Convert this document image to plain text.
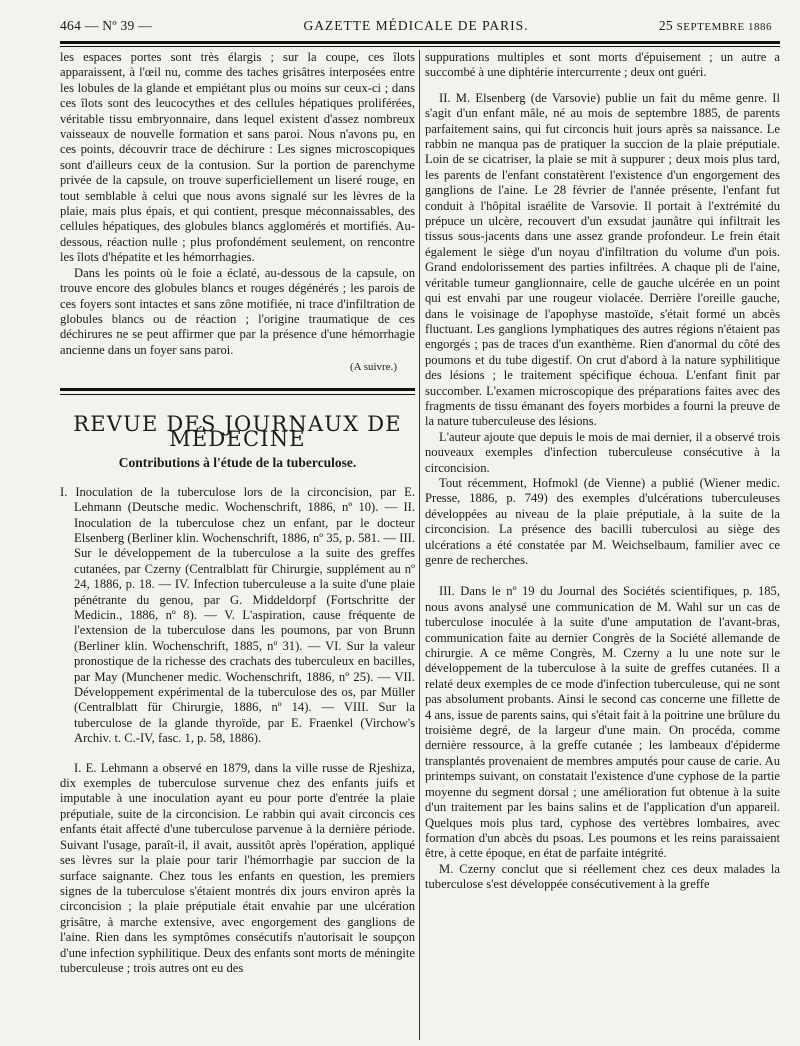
464 — Nº 39 —	GAZETTE MÉDICALE DE PARIS.	25 SEPTEMBRE 1886

les espaces portes sont très élargis ; sur la coupe, ces îlots apparaissent, à l'œil nu, comme des taches grisâtres interposées entre les lobules de la glande et empiétant plus ou moins sur ceux-ci ; dans ces îlots sont des leucocythes et des cellules hépatiques proliférées, véritable tissu embryonnaire, dans lequel existent d'assez nombreux vaisseaux de nouvelle formation et sans paroi. Nous n'avons pu, en ces points, découvrir trace de déchirure : Les signes microscopiques sont d'ailleurs ceux de la contusion. Sur la portion de parenchyme privée de la capsule, on trouve superficiellement un liseré rouge, en tout semblable à celui que nous avons signalé sur les lèvres de la plaie, mais plus épais, et qui contient, presque méconnaissables, des cellules hépatiques, des globules blancs agglomérés et mortifiés. Au-dessous, réaction nulle ; plus profondément seulement, on rencontre les îlots d'hépatite et les hémorrhagies.

Dans les points où le foie a éclaté, au-dessous de la capsule, on trouve encore des globules blancs et rouges dégénérés ; les parois de ces foyers sont intactes et sans zône motifiée, ni trace d'infiltration de globules blancs ou de réaction ; l'origine traumatique de ces déchirures ne se peut affirmer que par la présence d'une hémorrhagie ancienne dans un foyer sans paroi.

(A suivre.)
REVUE DES JOURNAUX DE MÉDECINE
Contributions à l'étude de la tuberculose.

I. Inoculation de la tuberculose lors de la circoncision, par E. Lehmann (Deutsche medic. Wochenschrift, 1886, nº 10). — II. Inoculation de la tuberculose chez un enfant, par le docteur Elsenberg (Berliner klin. Wochenschrift, 1886, nº 35, p. 581. — III. Sur le développement de la tuberculose a la suite des greffes cutanées, par Czerny (Centralblatt für Chirurgie, supplément au nº 24, 1886, p. 18. — IV. Infection tuberculeuse a la suite d'une plaie pénétrante du genou, par G. Middeldorpf (Fortschritte der Medicin., 1886, nº 8). — V. L'aspiration, cause fréquente de l'extension de la tuberculose dans les poumons, par von Brunn (Berliner klin. Wochenschrift, 1885, nº 31). — VI. Sur la valeur pronostique de la richesse des crachats des tuberculeux en bacilles, par May (Munchener medic. Wochenschrift, 1886, nº 25). — VII. Développement expérimental de la tuberculose des os, par Müller (Centralblatt für Chirurgie, 1886, nº 14). — VIII. Sur la tuberculose de la glande thyroïde, par E. Fraenkel (Virchow's Archiv. t. C.-IV, fasc. 1, p. 58, 1886).

I. E. Lehmann a observé en 1879, dans la ville russe de Rjeshiza, dix exemples de tuberculose survenue chez des enfants juifs et imputable à une inoculation ayant eu pour porte d'entrée la plaie préputiale, suite de la circoncision. Le rabbin qui avait circoncis ces enfants était affecté d'une tuberculose parvenue à la dernière période. Suivant l'usage, paraît-il, il avait, aussitôt après l'opération, appliqué ses lèvres sur la plaie pour tarir l'hémorrhagie par succion de la surface saignante. Chez tous les enfants en question, les premiers signes de la tuberculose s'étaient montrés dix jours environ après la circoncision ; la plaie préputiale était envahie par une ulcération grisâtre, à marche extensive, avec engorgement des ganglions de l'aine. Rien dans les symptômes consécutifs n'autorisait le soupçon d'une infection syphilitique. Deux des enfants sont morts de méningite tuberculeuse ; trois autres ont eu des

suppurations multiples et sont morts d'épuisement ; un autre a succombé à une diphtérie intercurrente ; deux ont guéri.

II. M. Elsenberg (de Varsovie) publie un fait du même genre. Il s'agit d'un enfant mâle, né au mois de septembre 1885, de parents parfaitement sains, qui fut circoncis huit jours après sa naissance. Le rabbin ne manqua pas de pratiquer la succion de la plaie préputiale. Loin de se cicatriser, la plaie se mit à suppurer ; deux mois plus tard, les parents de l'enfant constatèrent l'existence d'un engorgement des ganglions de l'aine. Le 28 février de l'année présente, l'enfant fut conduit à l'hôpital israélite de Varsovie. Il portait à l'extrémité du prépuce un ulcère, recouvert d'un exsudat jaunâtre qui infiltrait les tissus sous-jacents dans une assez grande profondeur. Le frein était également le siège d'un noyau d'infiltration du volume d'un pois. Grand endolorissement des parties infiltrées. A chaque pli de l'aine, véritable tumeur ganglionnaire, celle de gauche ulcérée en un point qui est envahi par une rougeur violacée. Derrière l'oreille gauche, dans le voisinage de l'apophyse mastoïde, s'était formé un abcès fluctuant. Les ganglions lymphatiques des autres régions n'étaient pas engorgés ; pas de traces d'un exanthème. Rien d'anormal du côté des poumons et du tube digestif. On crut d'abord à la nature syphilitique des lésions ; le traitement spécifique échoua. L'enfant finit par succomber. L'examen microscopique des préparations faites avec des fragments de tissu émanant des foyers morbides a fourni la preuve de la nature tuberculeuse des lésions.

L'auteur ajoute que depuis le mois de mai dernier, il a observé trois nouveaux exemples d'infection tuberculeuse consécutive à la circoncision.

Tout récemment, Hofmokl (de Vienne) a publié (Wiener medic. Presse, 1886, p. 749) des exemples d'ulcérations tuberculeuses développées au niveau de la plaie préputiale, à la suite de la circoncision. La présence des bacilli tuberculosi au siège des ulcérations a été constatée par M. Weichselbaum, familier avec ce genre de recherches.

III. Dans le nº 19 du Journal des Sociétés scientifiques, p. 185, nous avons analysé une communication de M. Wahl sur un cas de tuberculose inoculée à la suite d'une amputation de l'avant-bras, communication faite au dernier Congrès de la Société allemande de chirurgie. A ce même Congrès, M. Czerny a lu une note sur le développement de la tuberculose à la suite de greffes cutanées. Il a relaté deux exemples de ce mode d'infection tuberculeuse, qui ne sont pas absolument probants. Ainsi le second cas concerne une fillette de 4 ans, issue de parents sains, qui s'était fait à la poitrine une brûlure du troisième degré, de la largeur d'une main. On procéda, comme dernière ressource, à la greffe cutanée ; les lambeaux d'épiderme transplantés provenaient de membres amputés pour cause de carie. Au printemps suivant, on constatait l'existence d'une cyphose de la partie moyenne du segment dorsal ; une amélioration fut obtenue à la suite d'un traitement par les bains salins et de l'application d'un appareil. Quelques mois plus tard, cyphose des vertèbres lombaires, avec formation d'un abcès du psoas. Les poumons et les reins paraissaient être, à cette époque, en état de parfaite intégrité.

M. Czerny conclut que si réellement chez ces deux malades la tuberculose s'est développée consécutivement à la greffe
